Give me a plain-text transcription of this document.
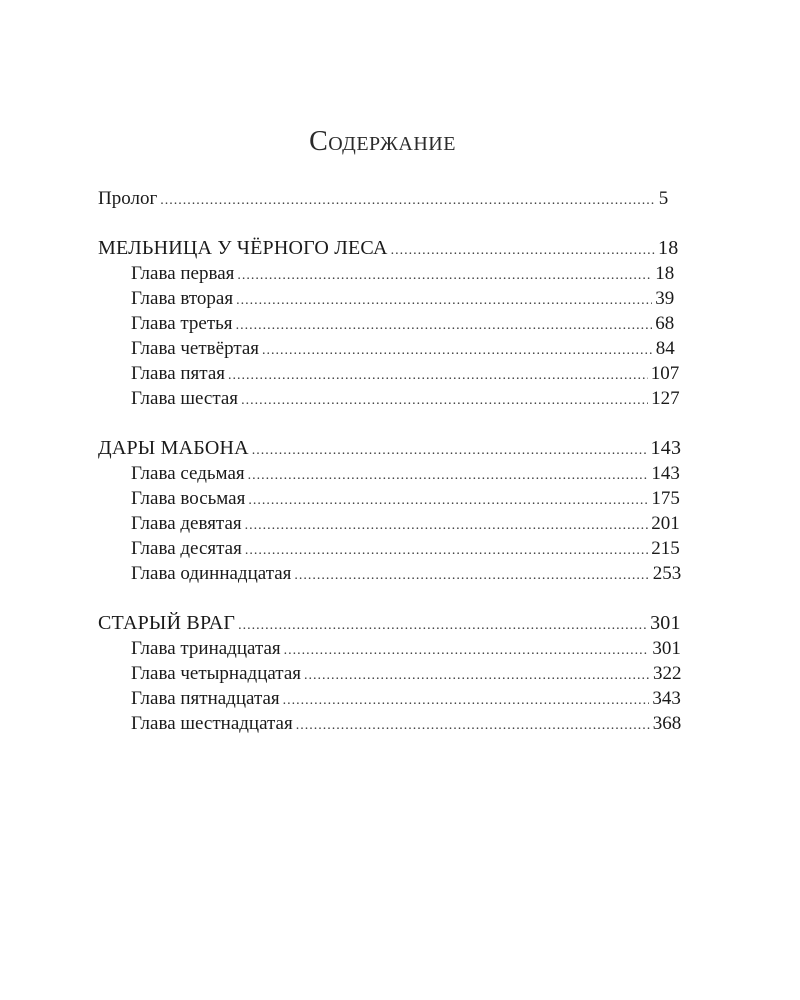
Содержание
Пролог .....	5
МЕЛЬНИЦА У ЧЁРНОГО ЛЕСА .....	18
Глава первая .....	18
Глава вторая .....	39
Глава третья .....	68
Глава четвёртая .....	84
Глава пятая .....	107
Глава шестая .....	127
ДАРЫ МАБОНА .....	143
Глава седьмая .....	143
Глава восьмая .....	175
Глава девятая .....	201
Глава десятая .....	215
Глава одиннадцатая .....	253
СТАРЫЙ ВРАГ .....	301
Глава тринадцатая .....	301
Глава четырнадцатая .....	322
Глава пятнадцатая .....	343
Глава шестнадцатая .....	368
